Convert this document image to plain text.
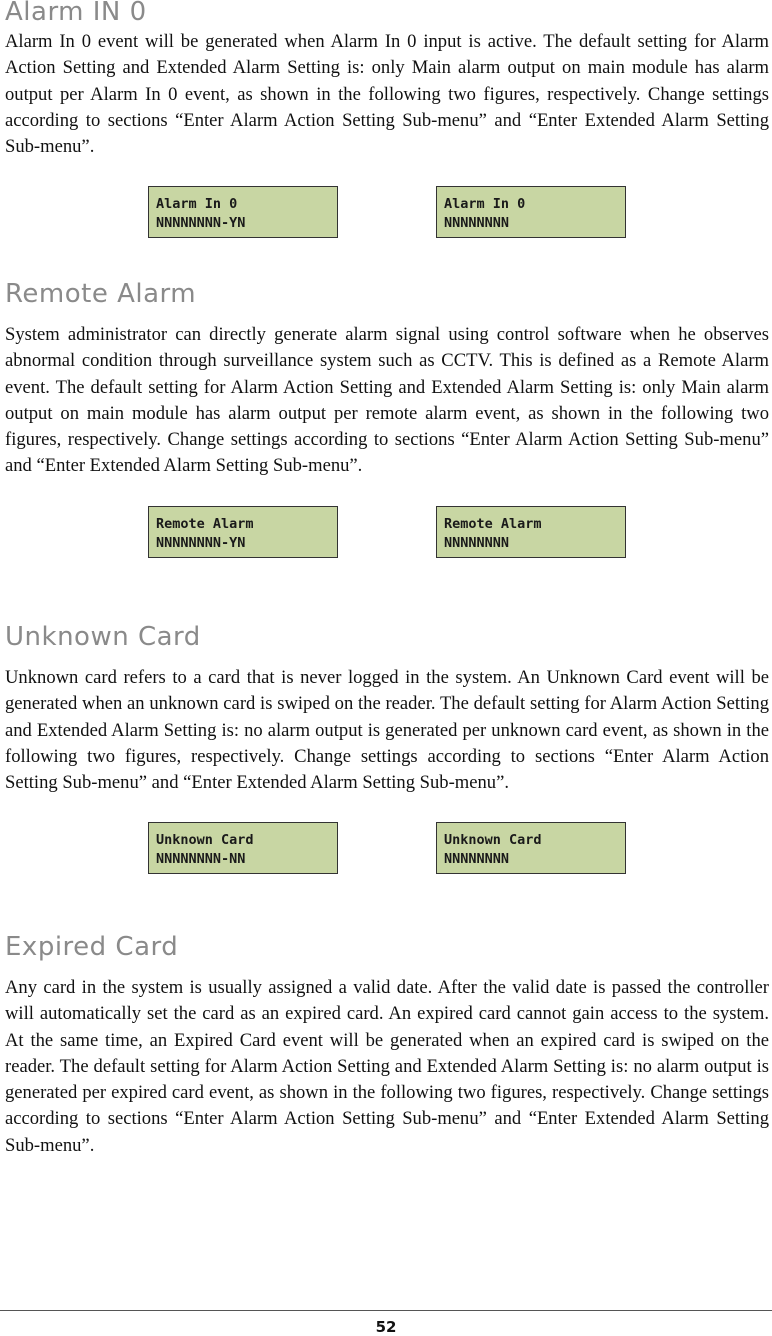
Alarm IN 0

Alarm In 0 event will be generated when Alarm In 0 input is active. The default setting for Alarm Action Setting and Extended Alarm Setting is: only Main alarm output on main module has alarm output per Alarm In 0 event, as shown in the following two figures, respectively. Change settings according to sections “Enter Alarm Action Setting Sub-menu” and “Enter Extended Alarm Setting Sub-menu”.

Alarm In 0
NNNNNNNN-YN
Alarm In 0
NNNNNNNN
Remote Alarm

System administrator can directly generate alarm signal using control software when he observes abnormal condition through surveillance system such as CCTV. This is defined as a Remote Alarm event. The default setting for Alarm Action Setting and Extended Alarm Setting is: only Main alarm output on main module has alarm output per remote alarm event, as shown in the following two figures, respectively. Change settings according to sections “Enter Alarm Action Setting Sub-menu” and “Enter Extended Alarm Setting Sub-menu”.

Remote Alarm
NNNNNNNN-YN
Remote Alarm
NNNNNNNN
Unknown Card

Unknown card refers to a card that is never logged in the system. An Unknown Card event will be generated when an unknown card is swiped on the reader. The default setting for Alarm Action Setting and Extended Alarm Setting is: no alarm output is generated per unknown card event, as shown in the following two figures, respectively. Change settings according to sections “Enter Alarm Action Setting Sub-menu” and “Enter Extended Alarm Setting Sub-menu”.

Unknown Card
NNNNNNNN-NN
Unknown Card
NNNNNNNN
Expired Card

Any card in the system is usually assigned a valid date. After the valid date is passed the controller will automatically set the card as an expired card. An expired card cannot gain access to the system. At the same time, an Expired Card event will be generated when an expired card is swiped on the reader. The default setting for Alarm Action Setting and Extended Alarm Setting is: no alarm output is generated per expired card event, as shown in the following two figures, respectively. Change settings according to sections “Enter Alarm Action Setting Sub-menu” and “Enter Extended Alarm Setting Sub-menu”.

52
